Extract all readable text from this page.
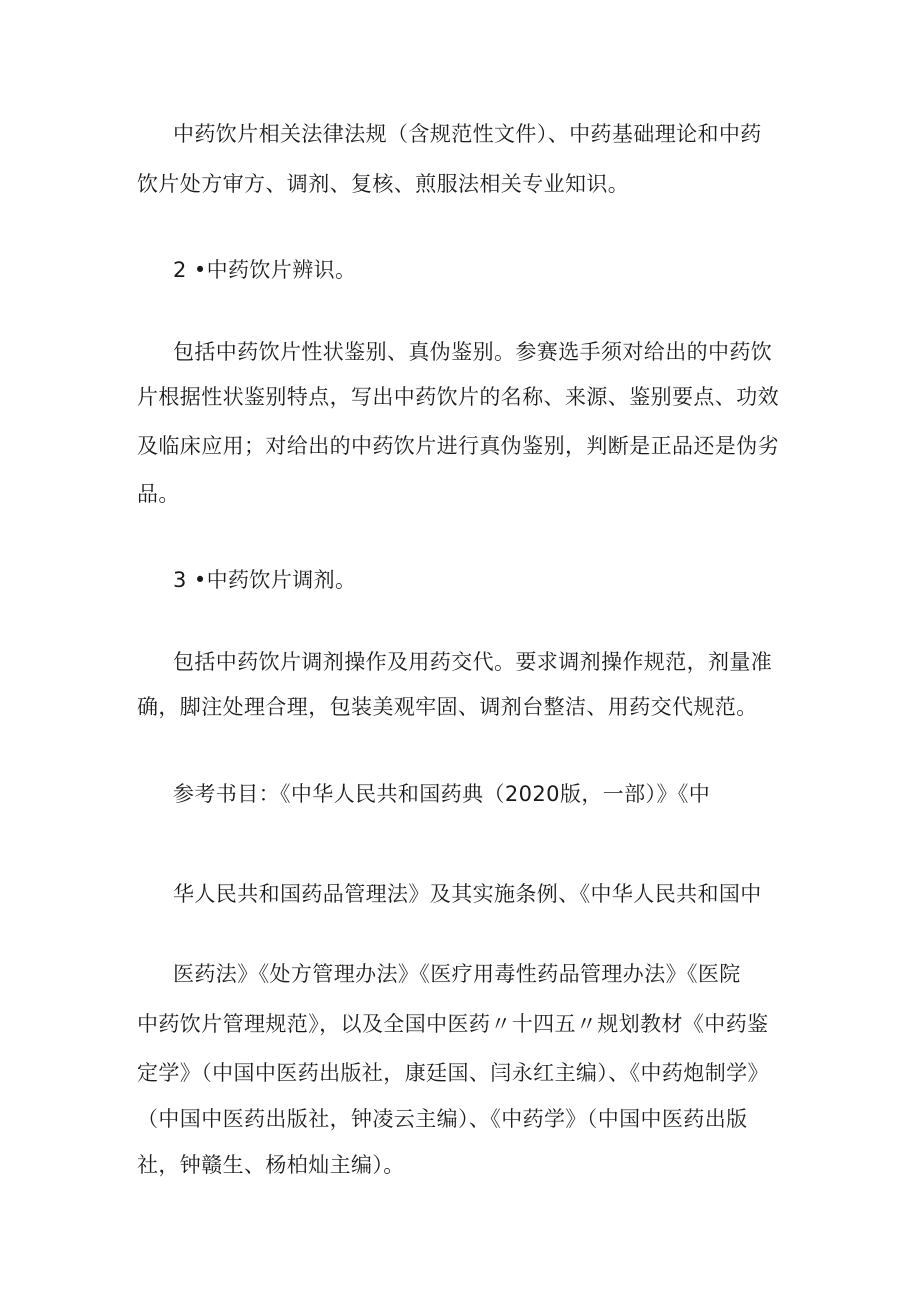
中药饮片相关法律法规（含规范性文件）、中药基础理论和中药
饮片处方审方、调剂、复核、煎服法相关专业知识。
2 •中药饮片辨识。
包括中药饮片性状鉴别、真伪鉴别。参赛选手须对给出的中药饮
片根据性状鉴别特点，写出中药饮片的名称、来源、鉴别要点、功效
及临床应用；对给出的中药饮片进行真伪鉴别，判断是正品还是伪劣
品。
3 •中药饮片调剂。
包括中药饮片调剂操作及用药交代。要求调剂操作规范，剂量准
确，脚注处理合理，包装美观牢固、调剂台整洁、用药交代规范。
参考书目：《中华人民共和国药典（2020版，一部）》《中
华人民共和国药品管理法》及其实施条例、《中华人民共和国中
医药法》《处方管理办法》《医疗用毒性药品管理办法》《医院
中药饮片管理规范》，以及全国中医药〃十四五〃规划教材《中药鉴
定学》（中国中医药出版社，康廷国、闫永红主编）、《中药炮制学》
（中国中医药出版社，钟凌云主编）、《中药学》（中国中医药出版
社，钟赣生、杨柏灿主编）。
